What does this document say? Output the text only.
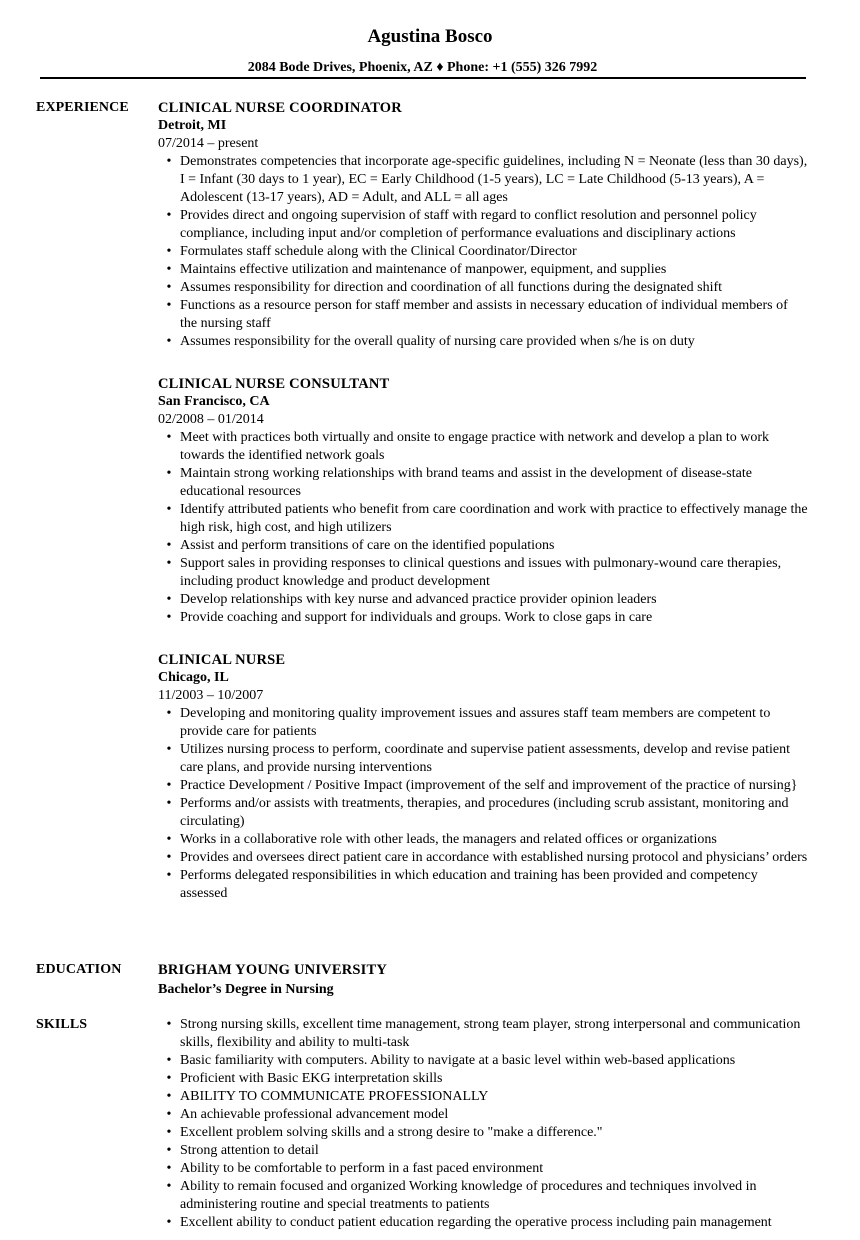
Agustina Bosco
2084 Bode Drives, Phoenix, AZ ♦ Phone: +1 (555) 326 7992
EXPERIENCE CLINICAL NURSE COORDINATOR
Detroit, MI
07/2014 – present
• Demonstrates competencies that incorporate age-specific guidelines, including N = Neonate (less than 30 days), I = Infant (30 days to 1 year), EC = Early Childhood (1-5 years), LC = Late Childhood (5-13 years), A = Adolescent (13-17 years), AD = Adult, and ALL = all ages
• Provides direct and ongoing supervision of staff with regard to conflict resolution and personnel policy compliance, including input and/or completion of performance evaluations and disciplinary actions
• Formulates staff schedule along with the Clinical Coordinator/Director
• Maintains effective utilization and maintenance of manpower, equipment, and supplies
• Assumes responsibility for direction and coordination of all functions during the designated shift
• Functions as a resource person for staff member and assists in necessary education of individual members of the nursing staff
• Assumes responsibility for the overall quality of nursing care provided when s/he is on duty
CLINICAL NURSE CONSULTANT
San Francisco, CA
02/2008 – 01/2014
• Meet with practices both virtually and onsite to engage practice with network and develop a plan to work towards the identified network goals
• Maintain strong working relationships with brand teams and assist in the development of disease-state educational resources
• Identify attributed patients who benefit from care coordination and work with practice to effectively manage the high risk, high cost, and high utilizers
• Assist and perform transitions of care on the identified populations
• Support sales in providing responses to clinical questions and issues with pulmonary-wound care therapies, including product knowledge and product development
• Develop relationships with key nurse and advanced practice provider opinion leaders
• Provide coaching and support for individuals and groups. Work to close gaps in care
CLINICAL NURSE
Chicago, IL
11/2003 – 10/2007
• Developing and monitoring quality improvement issues and assures staff team members are competent to provide care for patients
• Utilizes nursing process to perform, coordinate and supervise patient assessments, develop and revise patient care plans, and provide nursing interventions
• Practice Development / Positive Impact (improvement of the self and improvement of the practice of nursing}
• Performs and/or assists with treatments, therapies, and procedures (including scrub assistant, monitoring and circulating)
• Works in a collaborative role with other leads, the managers and related offices or organizations
• Provides and oversees direct patient care in accordance with established nursing protocol and physicians’ orders
• Performs delegated responsibilities in which education and training has been provided and competency assessed
EDUCATION	BRIGHAM YOUNG UNIVERSITY
Bachelor’s Degree in Nursing
SKILLS	• Strong nursing skills, excellent time management, strong team player, strong interpersonal and communication skills, flexibility and ability to multi-task
• Basic familiarity with computers. Ability to navigate at a basic level within web-based applications
• Proficient with Basic EKG interpretation skills
• ABILITY TO COMMUNICATE PROFESSIONALLY
• An achievable professional advancement model
• Excellent problem solving skills and a strong desire to "make a difference."
• Strong attention to detail
• Ability to be comfortable to perform in a fast paced environment
• Ability to remain focused and organized Working knowledge of procedures and techniques involved in administering routine and special treatments to patients
• Excellent ability to conduct patient education regarding the operative process including pain management
